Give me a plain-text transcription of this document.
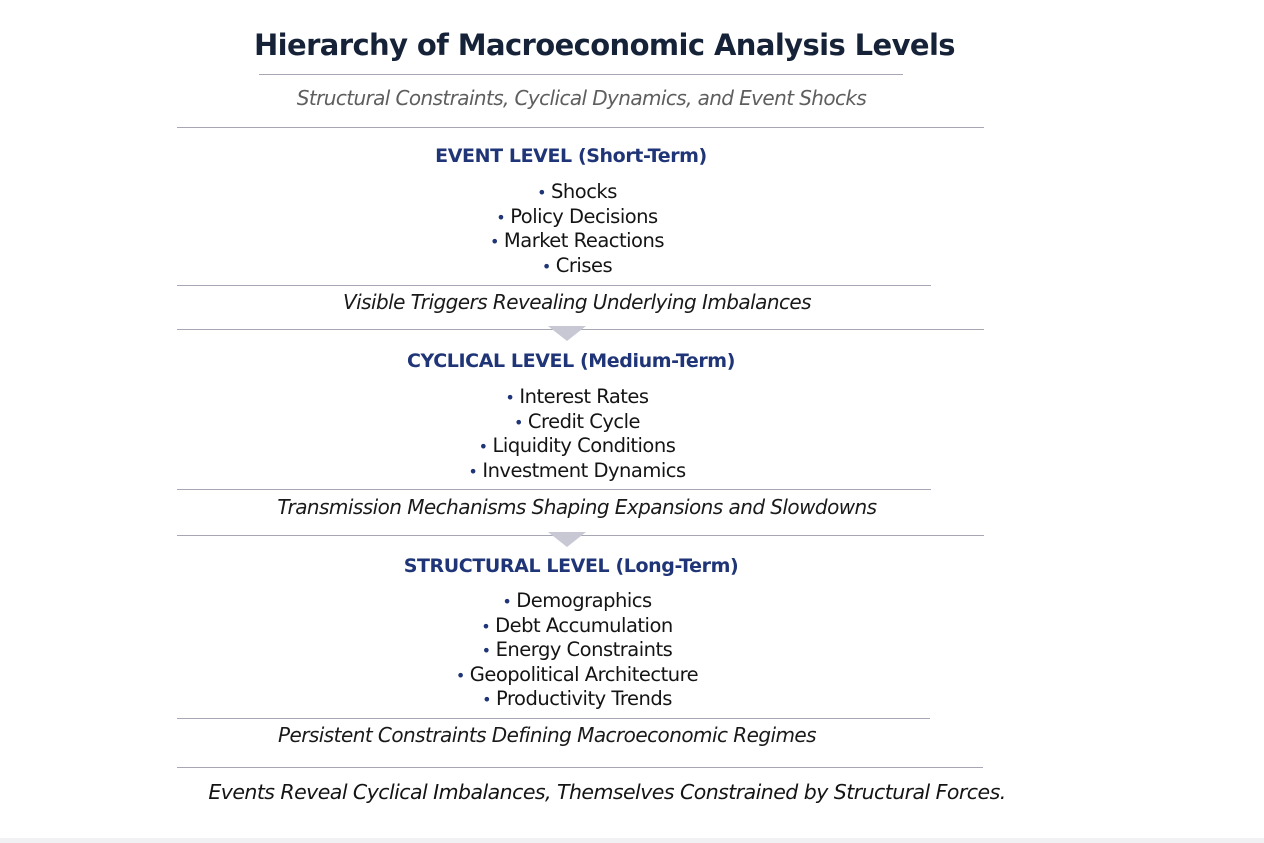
Hierarchy of Macroeconomic Analysis Levels
Structural Constraints, Cyclical Dynamics, and Event Shocks
EVENT LEVEL (Short-Term)
• Shocks
• Policy Decisions
• Market Reactions
• Crises
Visible Triggers Revealing Underlying Imbalances
CYCLICAL LEVEL (Medium-Term)
• Interest Rates
• Credit Cycle
• Liquidity Conditions
• Investment Dynamics
Transmission Mechanisms Shaping Expansions and Slowdowns
STRUCTURAL LEVEL (Long-Term)
• Demographics
• Debt Accumulation
• Energy Constraints
• Geopolitical Architecture
• Productivity Trends
Persistent Constraints Defining Macroeconomic Regimes
Events Reveal Cyclical Imbalances, Themselves Constrained by Structural Forces.
